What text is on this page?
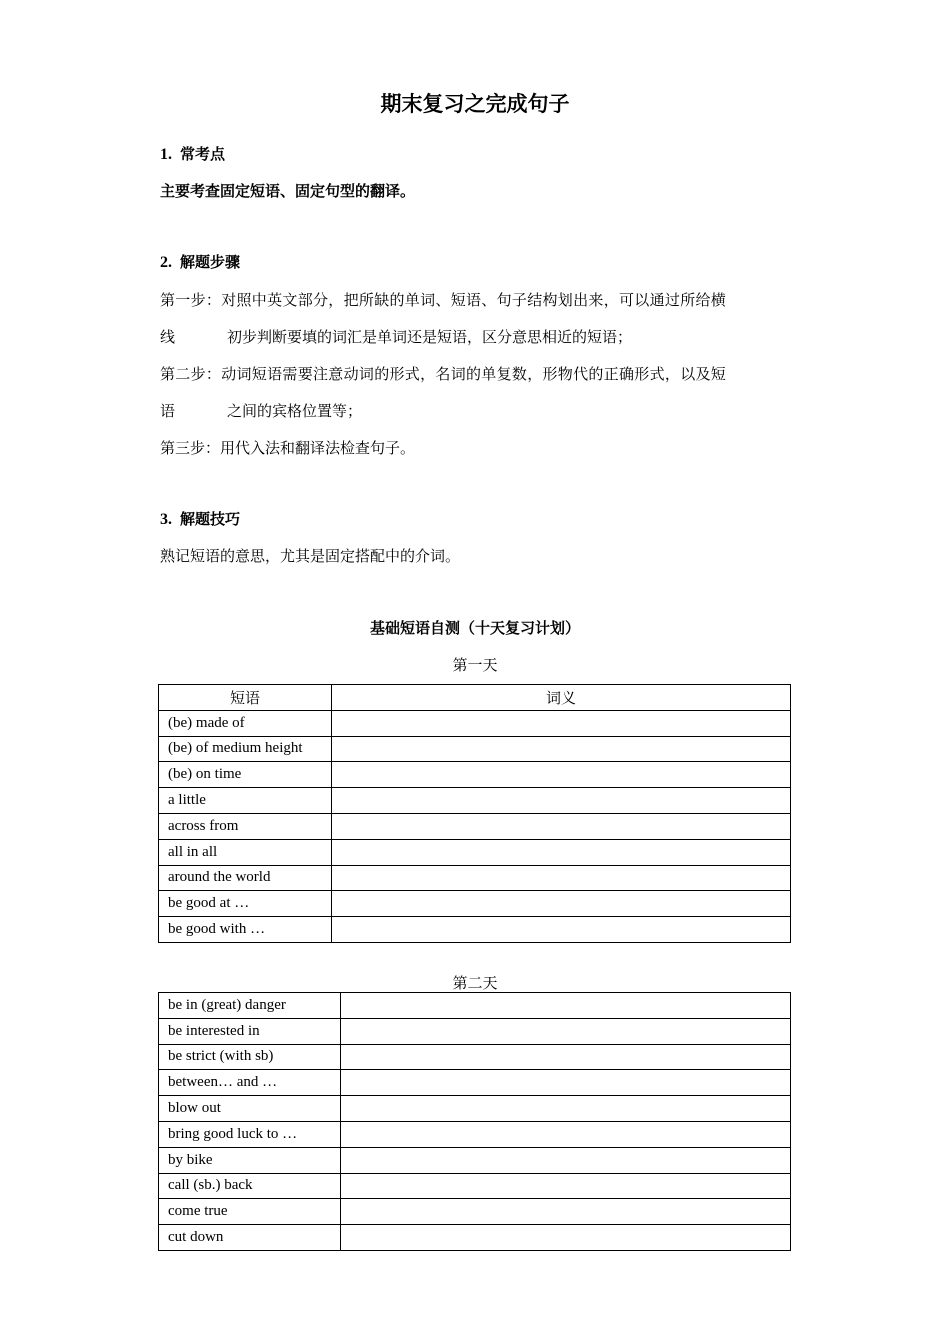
期末复习之完成句子
1. 常考点
主要考查固定短语、固定句型的翻译。
2. 解题步骤
第一步：对照中英文部分，把所缺的单词、短语、句子结构划出来，可以通过所给横
线	初步判断要填的词汇是单词还是短语，区分意思相近的短语；
第二步：动词短语需要注意动词的形式，名词的单复数，形物代的正确形式，以及短
语	之间的宾格位置等；
第三步：用代入法和翻译法检查句子。
3. 解题技巧
熟记短语的意思，尤其是固定搭配中的介词。
基础短语自测（十天复习计划）
第一天
短语	词义
(be) made of	
(be) of medium height	
(be) on time	
a little	
across from	
all in all	
around the world	
be good at …	
be good with …	
第二天
be in (great) danger	
be interested in	
be strict (with sb)	
between… and …	
blow out	
bring good luck to …	
by bike	
call (sb.) back	
come true	
cut down	
